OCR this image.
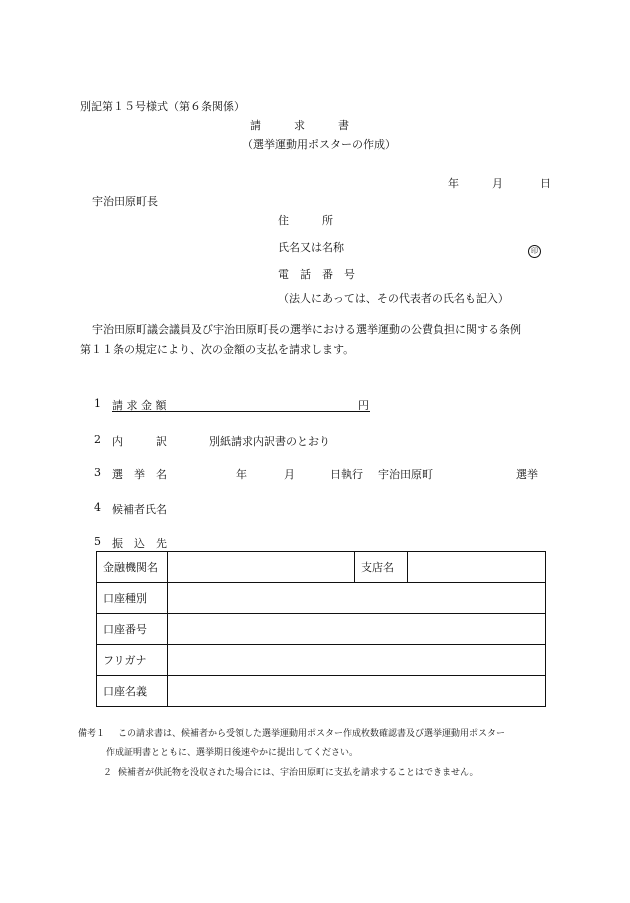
別記第１５号様式（第６条関係）
請　　　求　　　書
（選挙運動用ポスターの作成）
年	月	日
宇治田原町長
住　　　所
氏名又は名称	印
電　話　番　号
（法人にあっては、その代表者の氏名も記入）
宇治田原町議会議員及び宇治田原町長の選挙における選挙運動の公費負担に関する条例
第１１条の規定により、次の金額の支払を請求します。
1 請 求 金 額	円
2 内　　　訳	別紙請求内訳書のとおり
3 選　挙　名	年	月	日執行 宇治田原町	選挙
4 候補者氏名
5 振　込　先
金融機関名		支店名	
口座種別			
口座番号			
フリガナ			
口座名義			
備考１ この請求書は、候補者から受領した選挙運動用ポスター作成枚数確認書及び選挙運動用ポスター
作成証明書とともに、選挙期日後速やかに提出してください。
２ 候補者が供託物を没収された場合には、宇治田原町に支払を請求することはできません。
